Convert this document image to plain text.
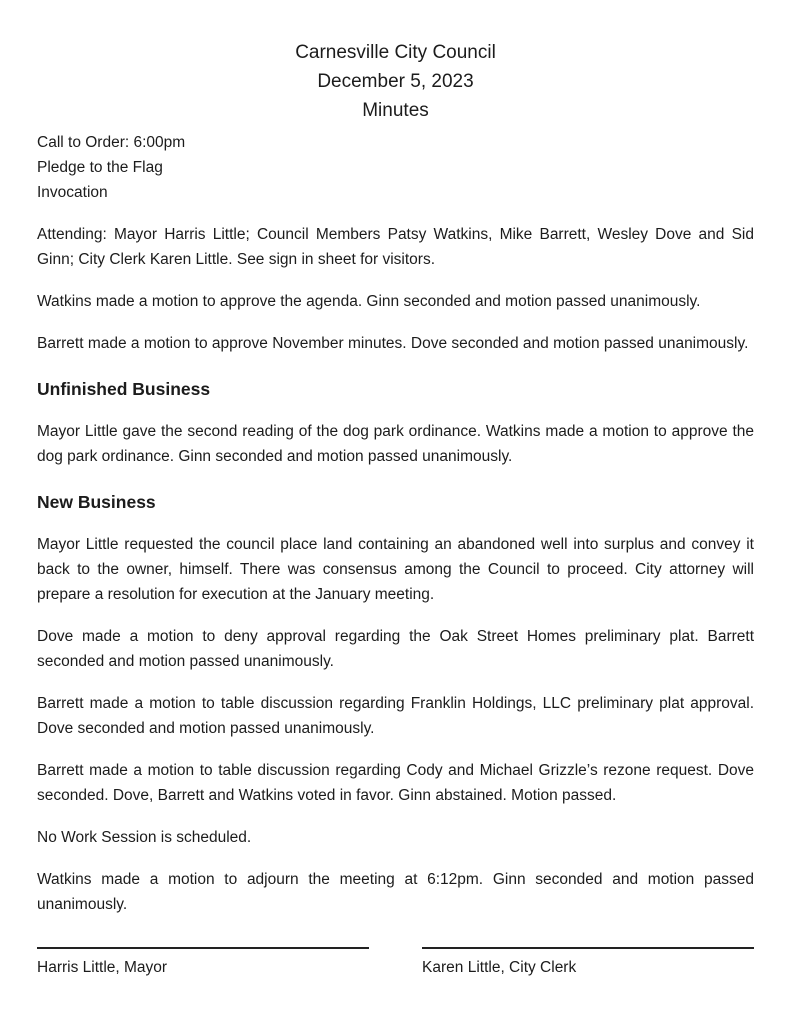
Carnesville City Council
December 5, 2023
Minutes
Call to Order: 6:00pm
Pledge to the Flag
Invocation

Attending: Mayor Harris Little; Council Members Patsy Watkins, Mike Barrett, Wesley Dove and Sid Ginn; City Clerk Karen Little. See sign in sheet for visitors.

Watkins made a motion to approve the agenda. Ginn seconded and motion passed unanimously.

Barrett made a motion to approve November minutes. Dove seconded and motion passed unanimously.

Unfinished Business

Mayor Little gave the second reading of the dog park ordinance. Watkins made a motion to approve the dog park ordinance. Ginn seconded and motion passed unanimously.

New Business

Mayor Little requested the council place land containing an abandoned well into surplus and convey it back to the owner, himself. There was consensus among the Council to proceed. City attorney will prepare a resolution for execution at the January meeting.

Dove made a motion to deny approval regarding the Oak Street Homes preliminary plat. Barrett seconded and motion passed unanimously.

Barrett made a motion to table discussion regarding Franklin Holdings, LLC preliminary plat approval. Dove seconded and motion passed unanimously.

Barrett made a motion to table discussion regarding Cody and Michael Grizzle’s rezone request. Dove seconded. Dove, Barrett and Watkins voted in favor. Ginn abstained. Motion passed.

No Work Session is scheduled.

Watkins made a motion to adjourn the meeting at 6:12pm. Ginn seconded and motion passed unanimously.

Harris Little, Mayor	Karen Little, City Clerk
